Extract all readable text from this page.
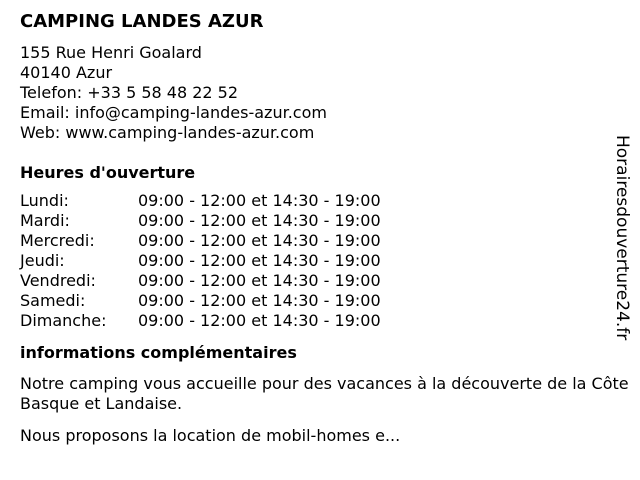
CAMPING LANDES AZUR
155 Rue Henri Goalard
40140 Azur
Telefon: +33 5 58 48 22 52
Email: info@camping-landes-azur.com
Web: www.camping-landes-azur.com
Heures d'ouverture
Lundi:	09:00 - 12:00 et 14:30 - 19:00
Mardi:	09:00 - 12:00 et 14:30 - 19:00
Mercredi:	09:00 - 12:00 et 14:30 - 19:00
Jeudi:	09:00 - 12:00 et 14:30 - 19:00
Vendredi:	09:00 - 12:00 et 14:30 - 19:00
Samedi:	09:00 - 12:00 et 14:30 - 19:00
Dimanche:	09:00 - 12:00 et 14:30 - 19:00
informations complémentaires
Notre camping vous accueille pour des vacances à la découverte de la Côte Basque et Landaise.
Nous proposons la location de mobil-homes e...
Horairesdouverture24.fr
